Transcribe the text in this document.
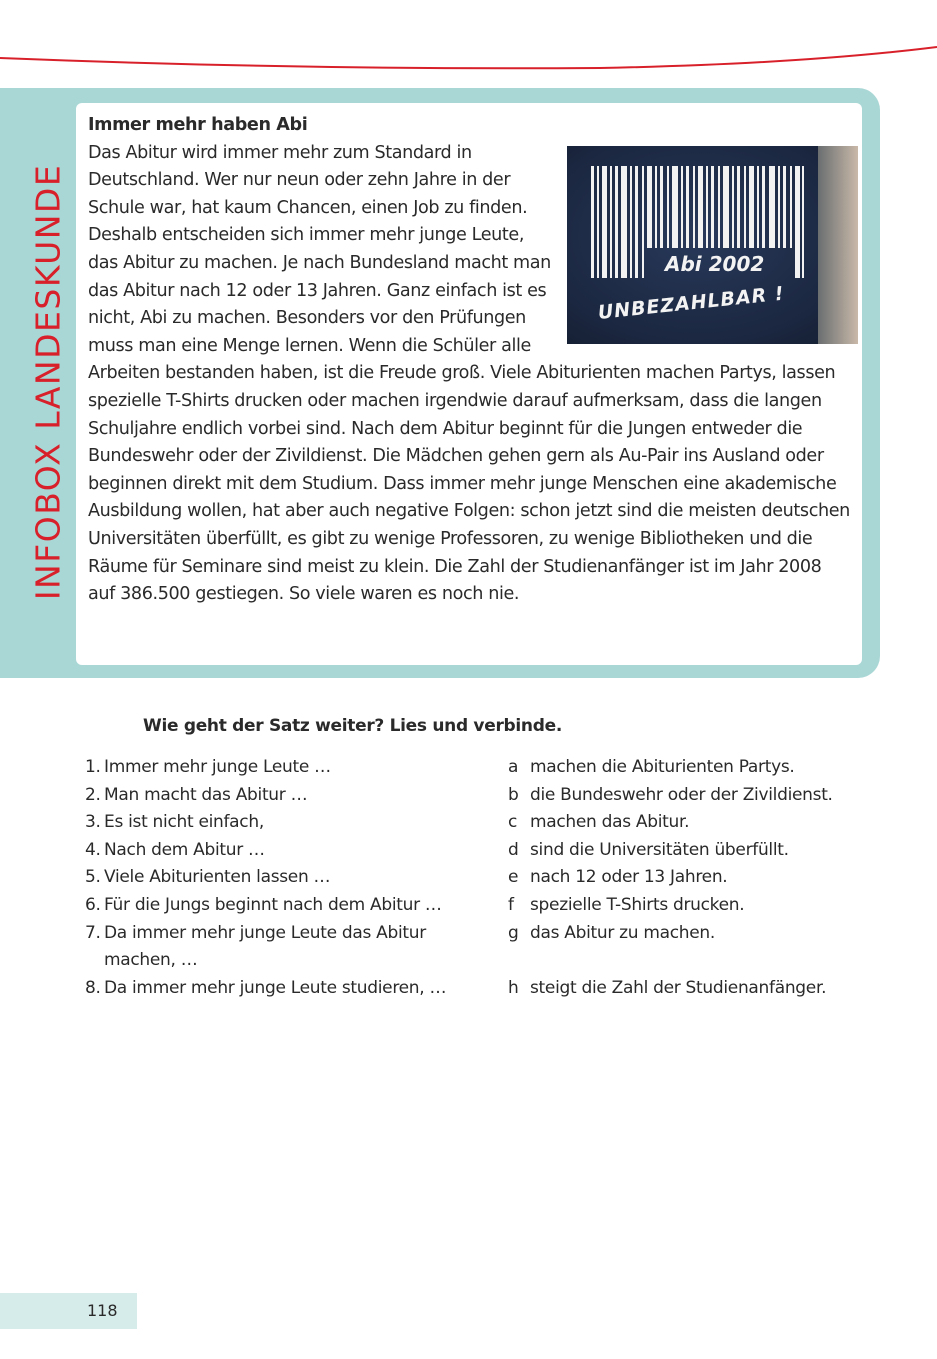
INFOBOX LANDESKUNDE

Immer mehr haben Abi

Abi 2002
UNBEZAHLBAR !

Das Abitur wird immer mehr zum Standard in Deutschland. Wer nur neun oder zehn Jahre in der Schule war, hat kaum Chancen, einen Job zu finden. Deshalb entscheiden sich immer mehr junge Leute, das Abitur zu machen. Je nach Bundesland macht man das Abitur nach 12 oder 13 Jahren. Ganz einfach ist es nicht, Abi zu machen. Besonders vor den Prüfungen muss man eine Menge lernen. Wenn die Schüler alle Arbeiten bestanden haben, ist die Freude groß. Viele Abiturienten machen Partys, lassen spezielle T-Shirts drucken oder machen irgendwie darauf aufmerksam, dass die langen Schuljahre endlich vorbei sind. Nach dem Abitur beginnt für die Jungen entweder die Bundeswehr oder der Zivildienst. Die Mädchen gehen gern als Au-Pair ins Ausland oder beginnen direkt mit dem Studium. Dass immer mehr junge Menschen eine akademische Ausbildung wollen, hat aber auch negative Folgen: schon jetzt sind die meisten deutschen Universitäten überfüllt, es gibt zu wenige Professoren, zu wenige Bibliotheken und die Räume für Seminare sind meist zu klein. Die Zahl der Studienanfänger ist im Jahr 2008 auf 386.500 gestiegen. So viele waren es noch nie.

Wie geht der Satz weiter? Lies und verbinde.

1. Immer mehr junge Leute …

2. Man macht das Abitur …

3. Es ist nicht einfach,

4. Nach dem Abitur …

5. Viele Abiturienten lassen …

6. Für die Jungs beginnt nach dem Abitur …

7. Da immer mehr junge Leute das Abitur machen, …

8. Da immer mehr junge Leute studieren, …

a machen die Abiturienten Partys.

b die Bundeswehr oder der Zivildienst.

c machen das Abitur.

d sind die Universitäten überfüllt.

e nach 12 oder 13 Jahren.

f spezielle T-Shirts drucken.

g das Abitur zu machen.

h steigt die Zahl der Studienanfänger.

118
